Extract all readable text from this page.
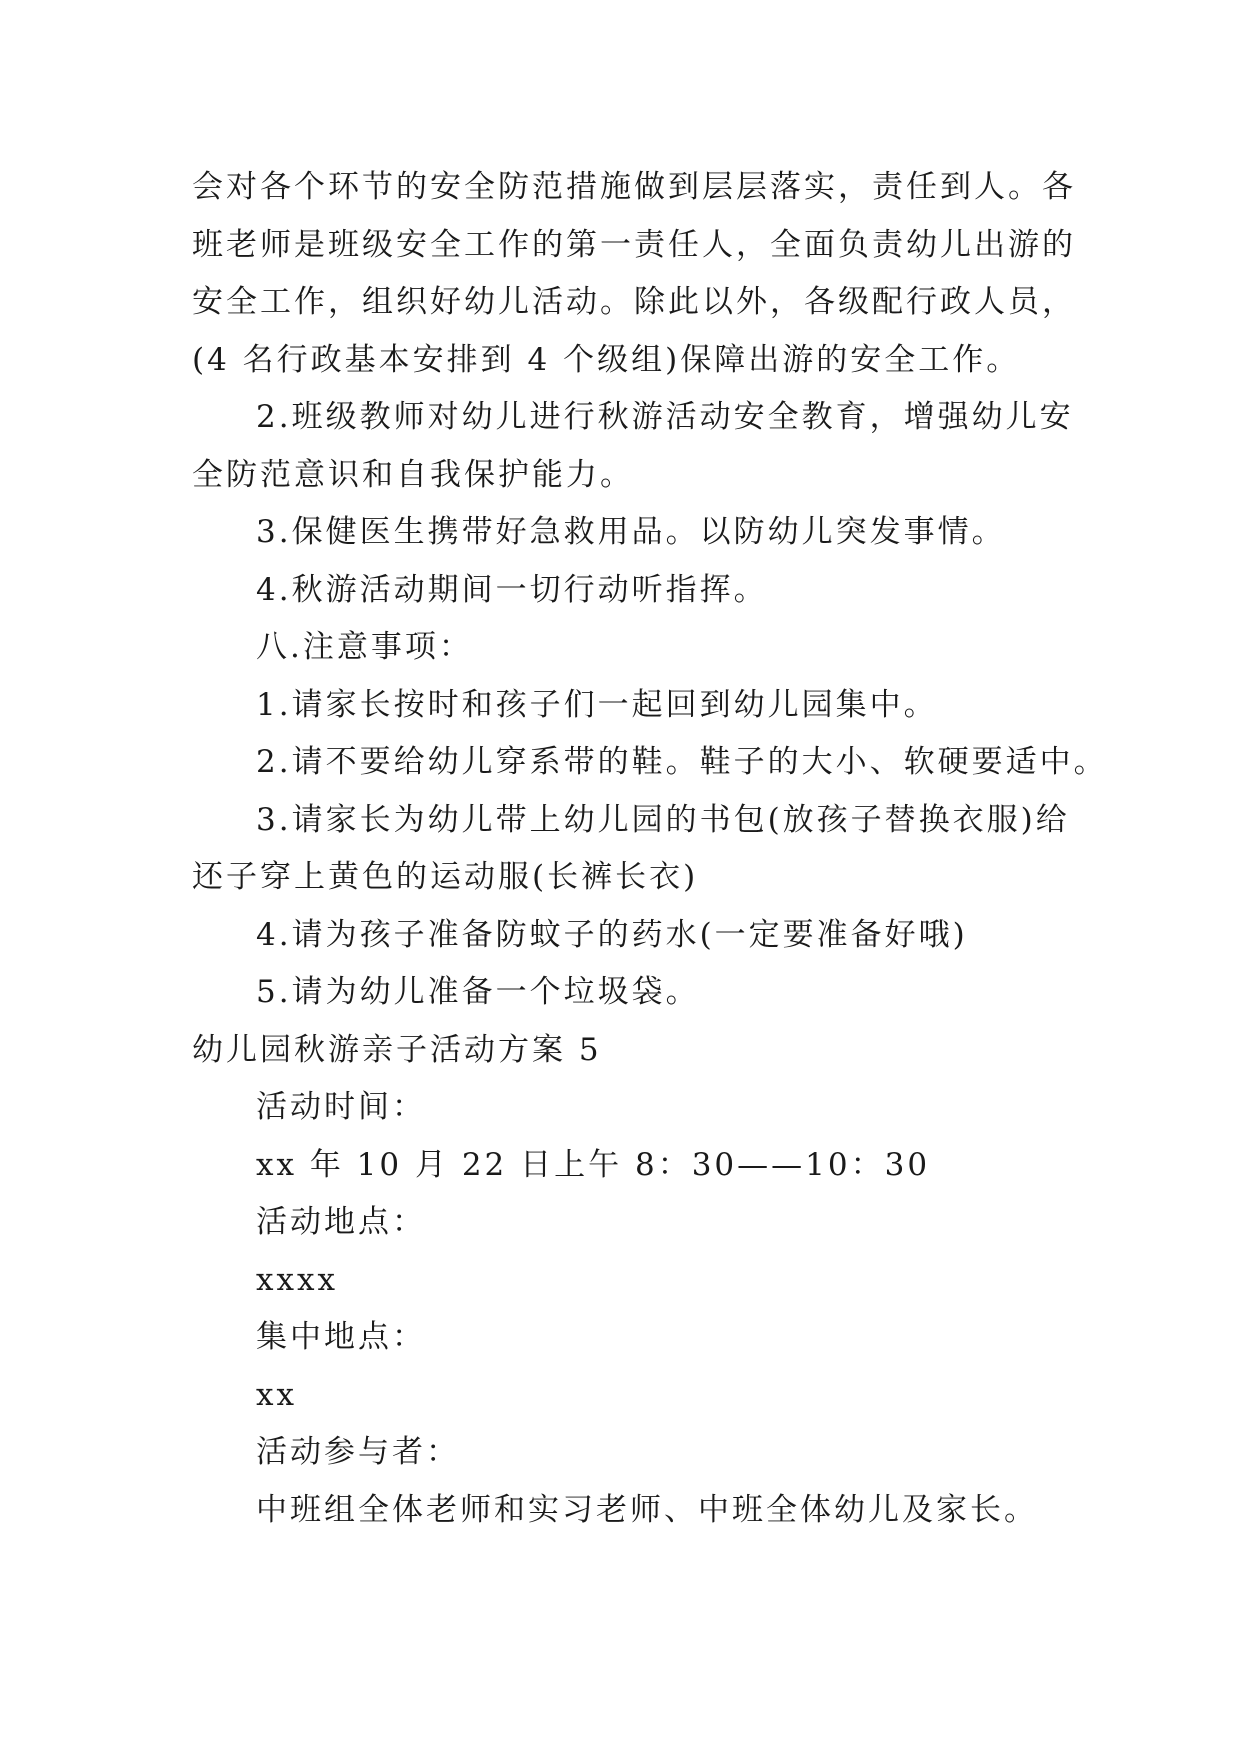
会对各个环节的安全防范措施做到层层落实，责任到人。各
班老师是班级安全工作的第一责任人，全面负责幼儿出游的
安全工作，组织好幼儿活动。除此以外，各级配行政人员，
(4 名行政基本安排到 4 个级组)保障出游的安全工作。
2.班级教师对幼儿进行秋游活动安全教育，增强幼儿安
全防范意识和自我保护能力。
3.保健医生携带好急救用品。以防幼儿突发事情。
4.秋游活动期间一切行动听指挥。
八.注意事项：
1.请家长按时和孩子们一起回到幼儿园集中。
2.请不要给幼儿穿系带的鞋。鞋子的大小、软硬要适中。
3.请家长为幼儿带上幼儿园的书包(放孩子替换衣服)给
还子穿上黄色的运动服(长裤长衣)
4.请为孩子准备防蚊子的药水(一定要准备好哦)
5.请为幼儿准备一个垃圾袋。
幼儿园秋游亲子活动方案 5
活动时间：
xx 年 10 月 22 日上午 8：30——10：30
活动地点：
xxxx
集中地点：
xx
活动参与者：
中班组全体老师和实习老师、中班全体幼儿及家长。
